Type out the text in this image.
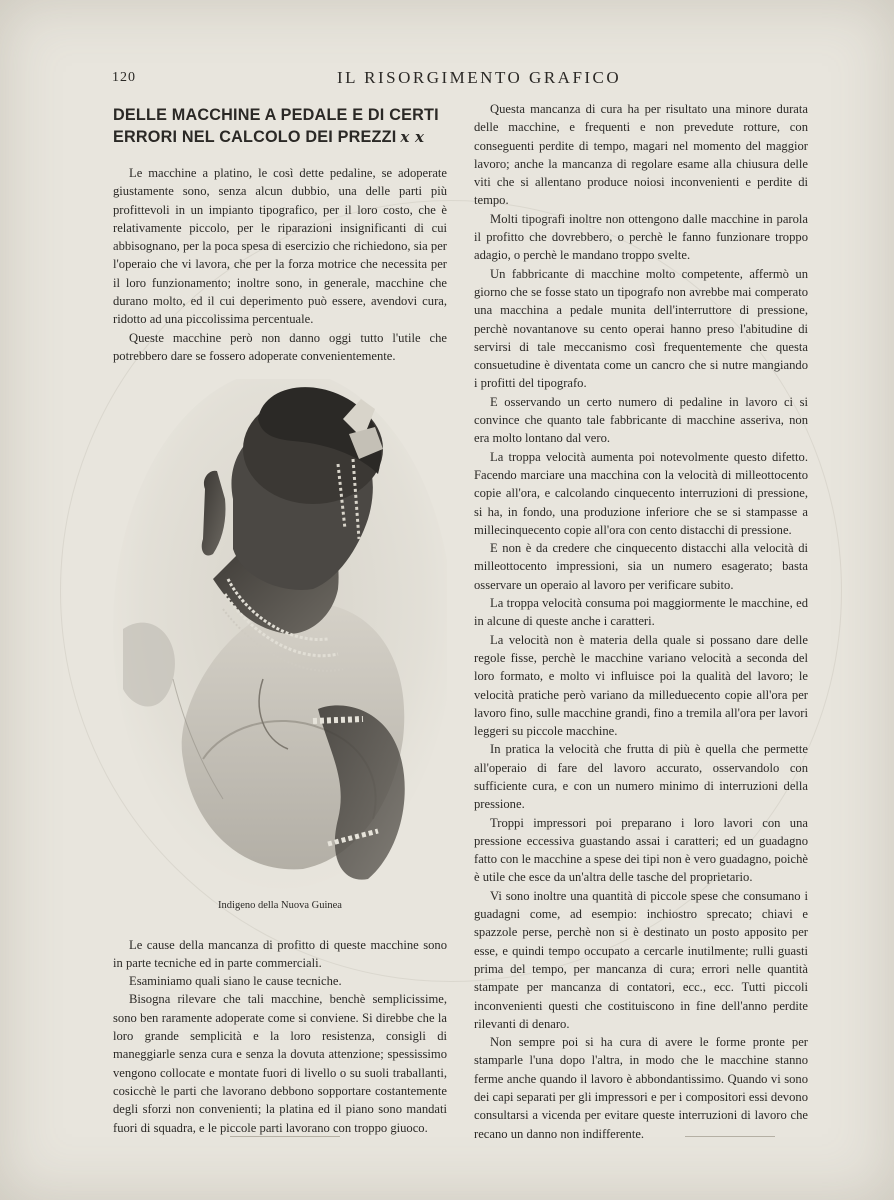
120	IL RISORGIMENTO GRAFICO
DELLE MACCHINE A PEDALE E DI CERTI
ERRORI NEL CALCOLO DEI PREZZI x x

Le macchine a platino, le così dette pedaline, se adoperate giustamente sono, senza alcun dubbio, una delle parti più profittevoli in un impianto tipografico, per il loro costo, che è relativamente piccolo, per le riparazioni insignificanti di cui abbisognano, per la poca spesa di esercizio che richiedono, sia per l'operaio che vi lavora, che per la forza motrice che necessita per il loro funzionamento; inoltre sono, in generale, macchine che durano molto, ed il cui deperimento può essere, avendovi cura, ridotto ad una piccolissima percentuale.

Queste macchine però non danno oggi tutto l'utile che potrebbero dare se fossero adoperate convenientemente.

Indigeno della Nuova Guinea

Le cause della mancanza di profitto di queste macchine sono in parte tecniche ed in parte commerciali.

Esaminiamo quali siano le cause tecniche.

Bisogna rilevare che tali macchine, benchè semplicissime, sono ben raramente adoperate come si conviene. Si direbbe che la loro grande semplicità e la loro resistenza, consigli di maneggiarle senza cura e senza la dovuta attenzione; spessissimo vengono collocate e montate fuori di livello o su suoli traballanti, cosicchè le parti che lavorano debbono sopportare costantemente degli sforzi non convenienti; la platina ed il piano sono mandati fuori di squadra, e le piccole parti lavorano con troppo giuoco.

Questa mancanza di cura ha per risultato una minore durata delle macchine, e frequenti e non prevedute rotture, con conseguenti perdite di tempo, magari nel momento del maggior lavoro; anche la mancanza di regolare esame alla chiusura delle viti che si allentano produce noiosi inconvenienti e perdite di tempo.

Molti tipografi inoltre non ottengono dalle macchine in parola il profitto che dovrebbero, o perchè le fanno funzionare troppo adagio, o perchè le mandano troppo svelte.

Un fabbricante di macchine molto competente, affermò un giorno che se fosse stato un tipografo non avrebbe mai comperato una macchina a pedale munita dell'interruttore di pressione, perchè novantanove su cento operai hanno preso l'abitudine di servirsi di tale meccanismo così frequentemente che questa consuetudine è diventata come un cancro che si nutre mangiando i profitti del tipografo.

E osservando un certo numero di pedaline in lavoro ci si convince che quanto tale fabbricante di macchine asseriva, non era molto lontano dal vero.

La troppa velocità aumenta poi notevolmente questo difetto. Facendo marciare una macchina con la velocità di milleottocento copie all'ora, e calcolando cinquecento interruzioni di pressione, si ha, in fondo, una produzione inferiore che se si stampasse a millecinquecento copie all'ora con cento distacchi di pressione.

E non è da credere che cinquecento distacchi alla velocità di milleottocento impressioni, sia un numero esagerato; basta osservare un operaio al lavoro per verificare subito.

La troppa velocità consuma poi maggiormente le macchine, ed in alcune di queste anche i caratteri.

La velocità non è materia della quale si possano dare delle regole fisse, perchè le macchine variano velocità a seconda del loro formato, e molto vi influisce poi la qualità del lavoro; le velocità pratiche però variano da milleduecento copie all'ora per lavoro fino, sulle macchine grandi, fino a tremila all'ora per lavori leggeri su piccole macchine.

In pratica la velocità che frutta di più è quella che permette all'operaio di fare del lavoro accurato, osservandolo con sufficiente cura, e con un numero minimo di interruzioni della pressione.

Troppi impressori poi preparano i loro lavori con una pressione eccessiva guastando assai i caratteri; ed un guadagno fatto con le macchine a spese dei tipi non è vero guadagno, poichè è utile che esce da un'altra delle tasche del proprietario.

Vi sono inoltre una quantità di piccole spese che consumano i guadagni come, ad esempio: inchiostro sprecato; chiavi e spazzole perse, perchè non si è destinato un posto apposito per esse, e quindi tempo occupato a cercarle inutilmente; rulli guasti prima del tempo, per mancanza di cura; errori nelle quantità stampate per mancanza di contatori, ecc., ecc. Tutti piccoli inconvenienti questi che costituiscono in fine dell'anno perdite rilevanti di denaro.

Non sempre poi si ha cura di avere le forme pronte per stamparle l'una dopo l'altra, in modo che le macchine stanno ferme anche quando il lavoro è abbondantissimo. Quando vi sono dei capi separati per gli impressori e per i compositori essi devono consultarsi a vicenda per evitare queste interruzioni di lavoro che recano un danno non indifferente.
